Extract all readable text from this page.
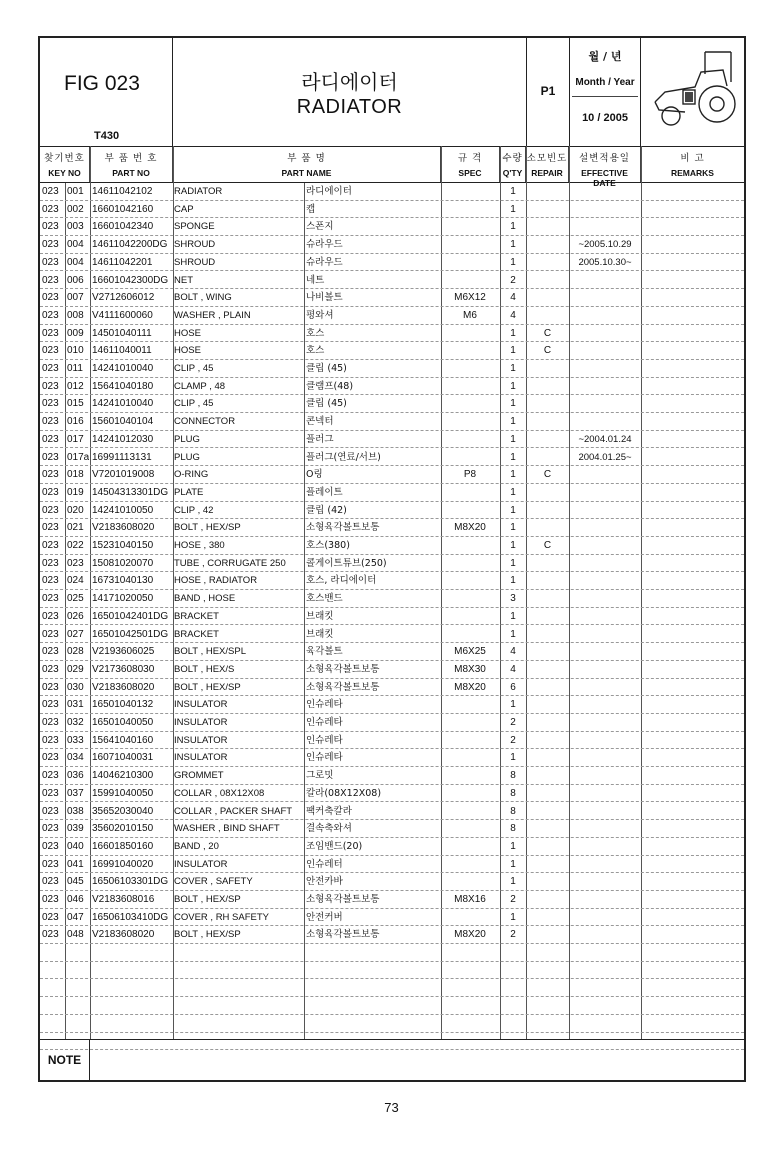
FIG 023
T430
라디에이터
RADIATOR
P1
월 / 년
Month / Year
10 / 2005
찾기번호
KEY NO
부 품 번 호
PART NO
부 품 명
PART NAME
규 격
SPEC
수량
Q'TY
소모빈도
REPAIR
설변적용일
EFFECTIVE DATE
비 고
REMARKS
023 001 14611042102	RADIATOR	라디에이터	1
023 002 16601042160	CAP	캡	1
023 003 16601042340	SPONGE	스폰지	1
023 004 14611042200DG SHROUD	슈라우드	1	~2005.10.29
023 004 14611042201	SHROUD	슈라우드	1	2005.10.30~
023 006 16601042300DG NET	네트	2
023 007 V2712606012	BOLT , WING	나비볼트	M6X12	4
023 008 V4111600060	WASHER , PLAIN	평와셔	M6	4
023 009 14501040111	HOSE	호스	1	C
023 010 14611040011	HOSE	호스	1	C
023 011 14241010040	CLIP , 45	클립 (45)	1
023 012 15641040180	CLAMP , 48	클램프(48)	1
023 015 14241010040	CLIP , 45	클립 (45)	1
023 016 15601040104	CONNECTOR	콘넥터	1
023 017 14241012030	PLUG	플러그	1	~2004.01.24
023 017a 16991113131	PLUG	플러그(연료/서브)	1	2004.01.25~
023 018 V7201019008	O-RING	O링	P8	1	C
023 019 14504313301DG PLATE	플레이트	1
023 020 14241010050	CLIP , 42	클립 (42)	1
023 021 V2183608020	BOLT , HEX/SP	소형육각볼트보통	M8X20	1
023 022 15231040150	HOSE , 380	호스(380)	1	C
023 023 15081020070	TUBE , CORRUGATE 250	콜게이트튜브(250)	1
023 024 16731040130	HOSE , RADIATOR	호스, 라디에이터	1
023 025 14171020050	BAND , HOSE	호스밴드	3
023 026 16501042401DG BRACKET	브래킷	1
023 027 16501042501DG BRACKET	브래킷	1
023 028 V2193606025	BOLT , HEX/SPL	육각볼트	M6X25	4
023 029 V2173608030	BOLT , HEX/S	소형육각볼트보통	M8X30	4
023 030 V2183608020	BOLT , HEX/SP	소형육각볼트보통	M8X20	6
023 031 16501040132	INSULATOR	인슈레타	1
023 032 16501040050	INSULATOR	인슈레타	2
023 033 15641040160	INSULATOR	인슈레타	2
023 034 16071040031	INSULATOR	인슈레타	1
023 036 14046210300	GROMMET	그로밋	8
023 037 15991040050	COLLAR , 08X12X08	칼라(08X12X08)	8
023 038 35652030040	COLLAR , PACKER SHAFT	팩커축칼라	8
023 039 35602010150	WASHER , BIND SHAFT	결속축와셔	8
023 040 16601850160	BAND , 20	조임밴드(20)	1
023 041 16991040020	INSULATOR	인슈레터	1
023 045 16506103301DG COVER , SAFETY	안전카바	1
023 046 V2183608016	BOLT , HEX/SP	소형육각볼트보통	M8X16	2
023 047 16506103410DG COVER , RH SAFETY	안전커버	1
023 048 V2183608020	BOLT , HEX/SP	소형육각볼트보통	M8X20	2
NOTE
73
